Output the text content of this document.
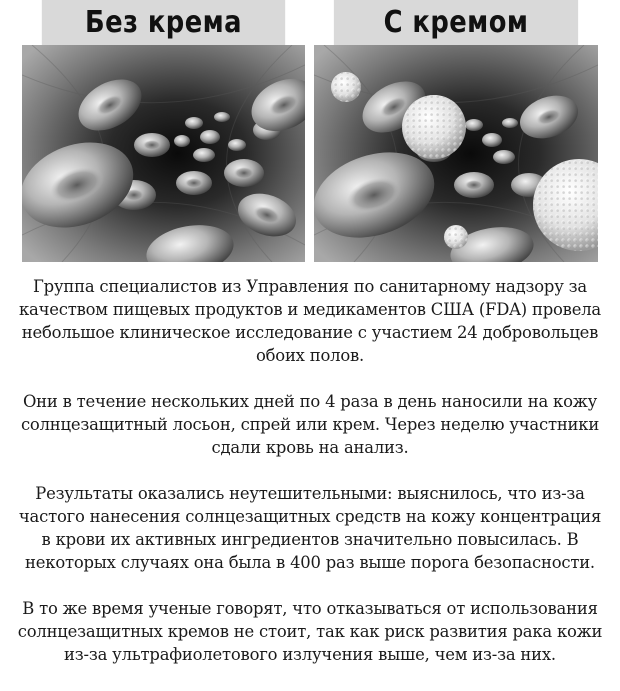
Без крема	С кремом

Группа специалистов из Управления по санитарному надзору за качеством пищевых продуктов и медикаментов США (FDA) провела небольшое клиническое исследование с участием 24 добровольцев обоих полов.

Они в течение нескольких дней по 4 раза в день наносили на кожу солнцезащитный лосьон, спрей или крем. Через неделю участники сдали кровь на анализ.

Результаты оказались неутешительными: выяснилось, что из-за частого нанесения солнцезащитных средств на кожу концентрация в крови их активных ингредиентов значительно повысилась. В некоторых случаях она была в 400 раз выше порога безопасности.

В то же время ученые говорят, что отказываться от использования солнцезащитных кремов не стоит, так как риск развития рака кожи из-за ультрафиолетового излучения выше, чем из-за них.
